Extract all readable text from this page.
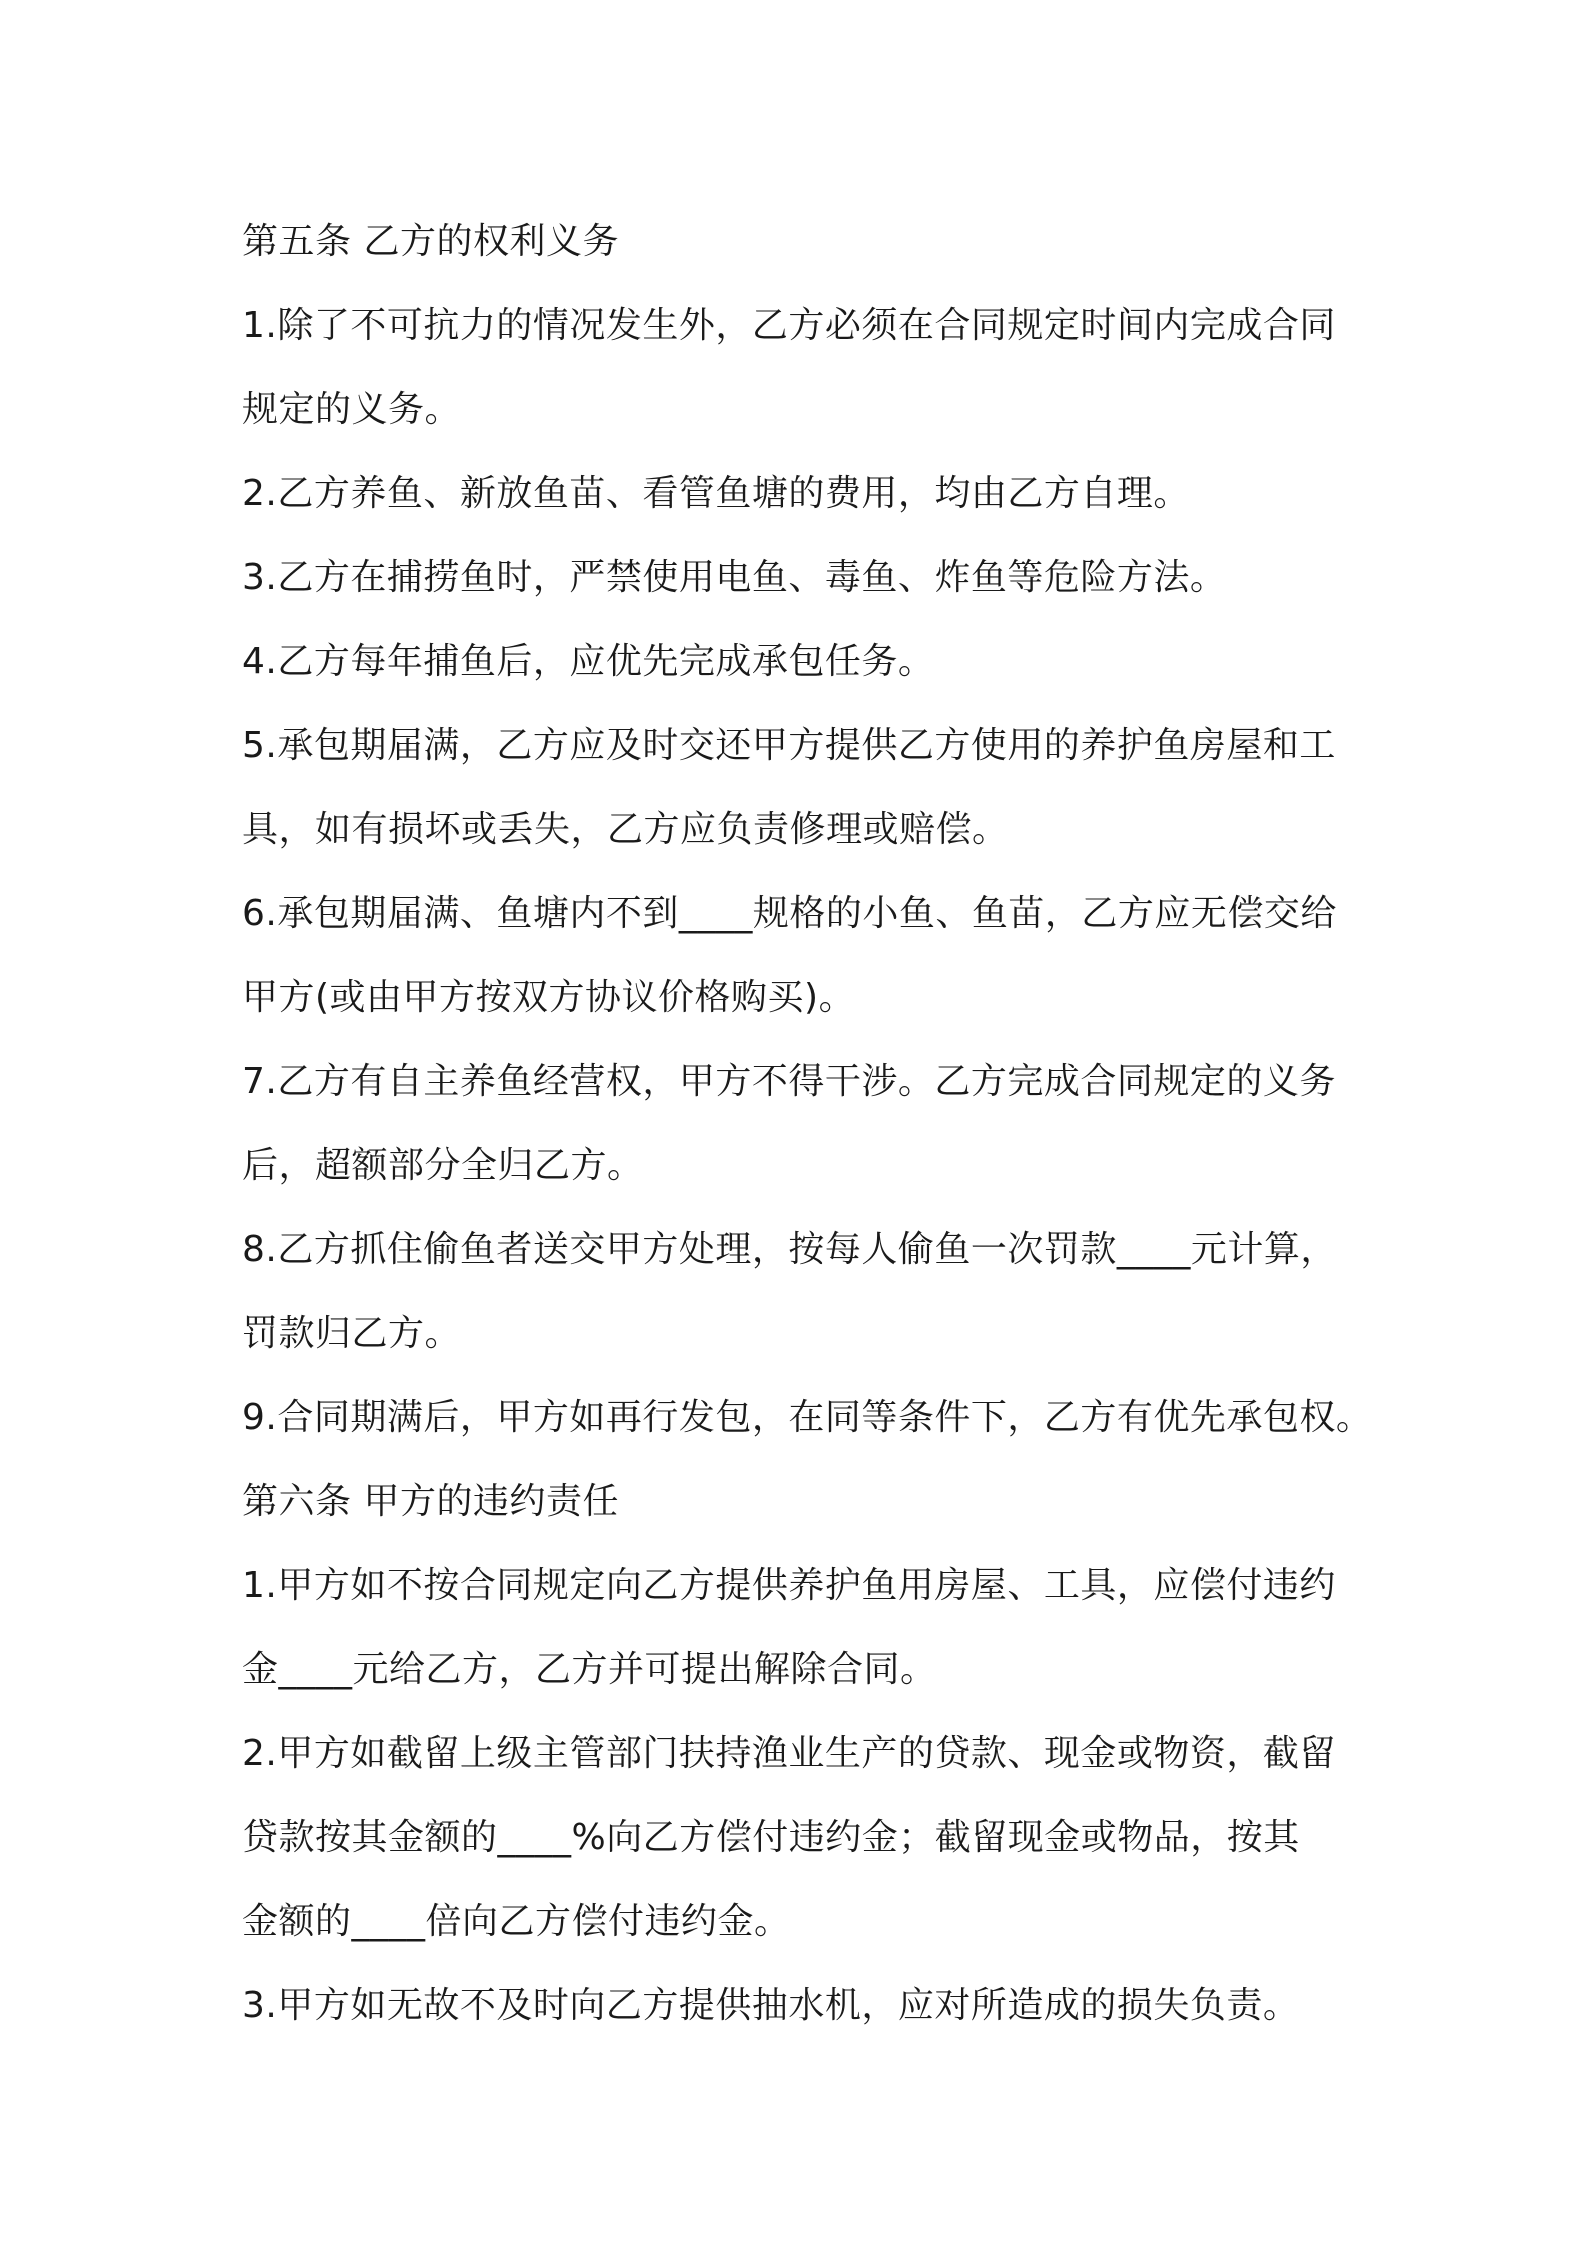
第五条 乙方的权利义务
1.除了不可抗力的情况发生外，乙方必须在合同规定时间内完成合同
规定的义务。
2.乙方养鱼、新放鱼苗、看管鱼塘的费用，均由乙方自理。
3.乙方在捕捞鱼时，严禁使用电鱼、毒鱼、炸鱼等危险方法。
4.乙方每年捕鱼后，应优先完成承包任务。
5.承包期届满，乙方应及时交还甲方提供乙方使用的养护鱼房屋和工
具，如有损坏或丢失，乙方应负责修理或赔偿。
6.承包期届满、鱼塘内不到____规格的小鱼、鱼苗，乙方应无偿交给
甲方(或由甲方按双方协议价格购买)。
7.乙方有自主养鱼经营权，甲方不得干涉。乙方完成合同规定的义务
后，超额部分全归乙方。
8.乙方抓住偷鱼者送交甲方处理，按每人偷鱼一次罚款____元计算，
罚款归乙方。
9.合同期满后，甲方如再行发包，在同等条件下，乙方有优先承包权。
第六条 甲方的违约责任
1.甲方如不按合同规定向乙方提供养护鱼用房屋、工具，应偿付违约
金____元给乙方，乙方并可提出解除合同。
2.甲方如截留上级主管部门扶持渔业生产的贷款、现金或物资，截留
贷款按其金额的____%向乙方偿付违约金；截留现金或物品，按其
金额的____倍向乙方偿付违约金。
3.甲方如无故不及时向乙方提供抽水机，应对所造成的损失负责。
